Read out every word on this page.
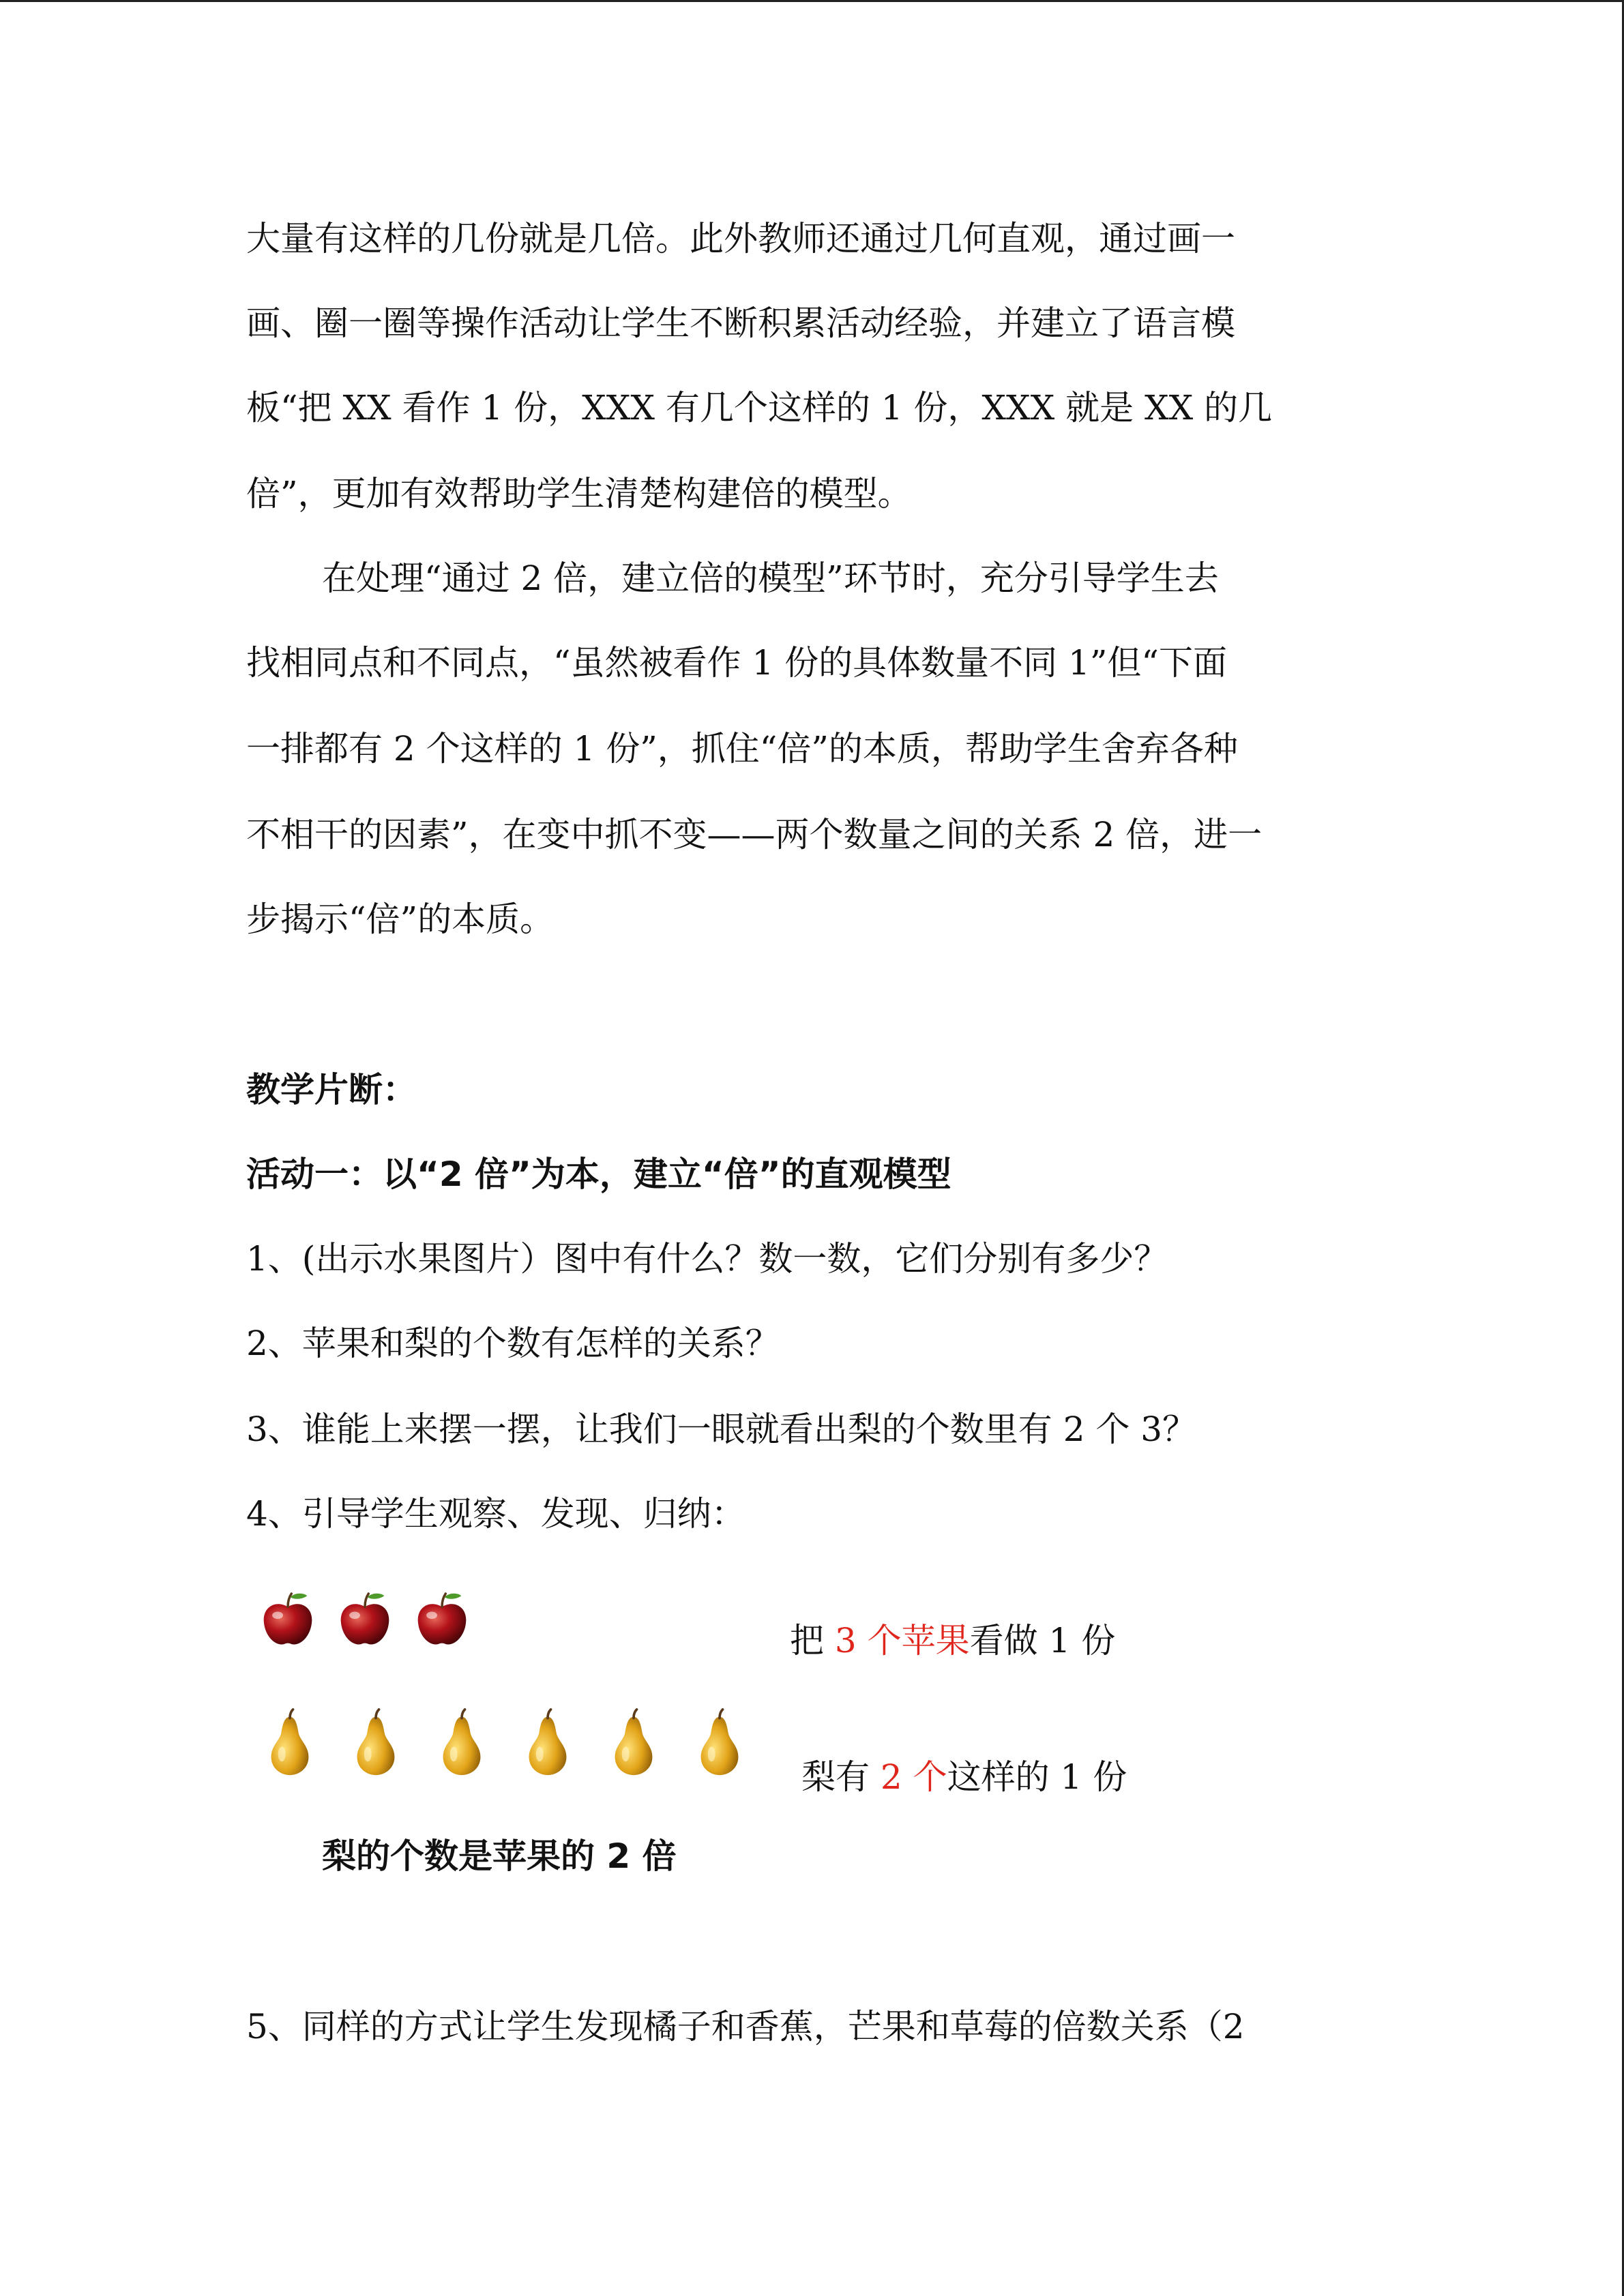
大量有这样的几份就是几倍。此外教师还通过几何直观，通过画一
画、圈一圈等操作活动让学生不断积累活动经验，并建立了语言模
板“把 XX 看作 1 份，XXX 有几个这样的 1 份，XXX 就是 XX 的几
倍”，更加有效帮助学生清楚构建倍的模型。
在处理“通过 2 倍，建立倍的模型”环节时，充分引导学生去
找相同点和不同点，“虽然被看作 1 份的具体数量不同 1”但“下面
一排都有 2 个这样的 1 份”，抓住“倍”的本质，帮助学生舍弃各种
不相干的因素”，在变中抓不变——两个数量之间的关系 2 倍，进一
步揭示“倍”的本质。
教学片断：
活动一：以“2 倍”为本，建立“倍”的直观模型
1、(出示水果图片）图中有什么？数一数，它们分别有多少？
2、苹果和梨的个数有怎样的关系？
3、谁能上来摆一摆，让我们一眼就看出梨的个数里有 2 个 3？
4、引导学生观察、发现、归纳：
把 3 个苹果看做 1 份
梨有 2 个这样的 1 份
梨的个数是苹果的 2 倍
5、同样的方式让学生发现橘子和香蕉，芒果和草莓的倍数关系（2
